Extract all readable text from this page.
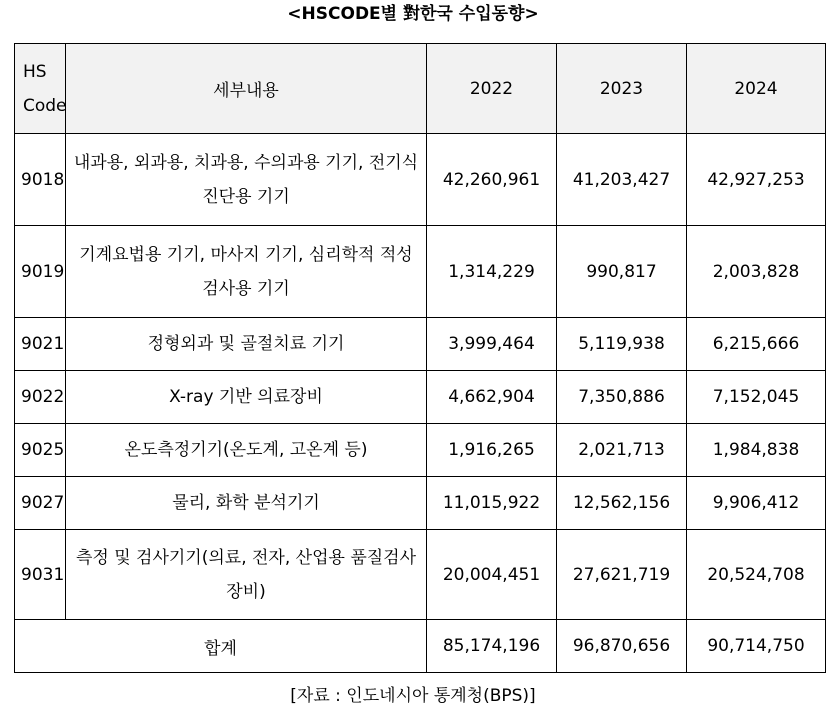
<HSCODE별 對한국 수입동향>
HS Code	세부내용	2022	2023	2024
9018	내과용, 외과용, 치과용, 수의과용 기기, 전기식 진단용 기기	42,260,961	41,203,427	42,927,253
9019	기계요법용 기기, 마사지 기기, 심리학적 적성검사용 기기	1,314,229	990,817	2,003,828
9021	정형외과 및 골절치료 기기	3,999,464	5,119,938	6,215,666
9022	X-ray 기반 의료장비	4,662,904	7,350,886	7,152,045
9025	온도측정기기(온도계, 고온계 등)	1,916,265	2,021,713	1,984,838
9027	물리, 화학 분석기기	11,015,922	12,562,156	9,906,412
9031	측정 및 검사기기(의료, 전자, 산업용 품질검사 장비)	20,004,451	27,621,719	20,524,708
합계		85,174,196	96,870,656	90,714,750
[자료 : 인도네시아 통계청(BPS)]
